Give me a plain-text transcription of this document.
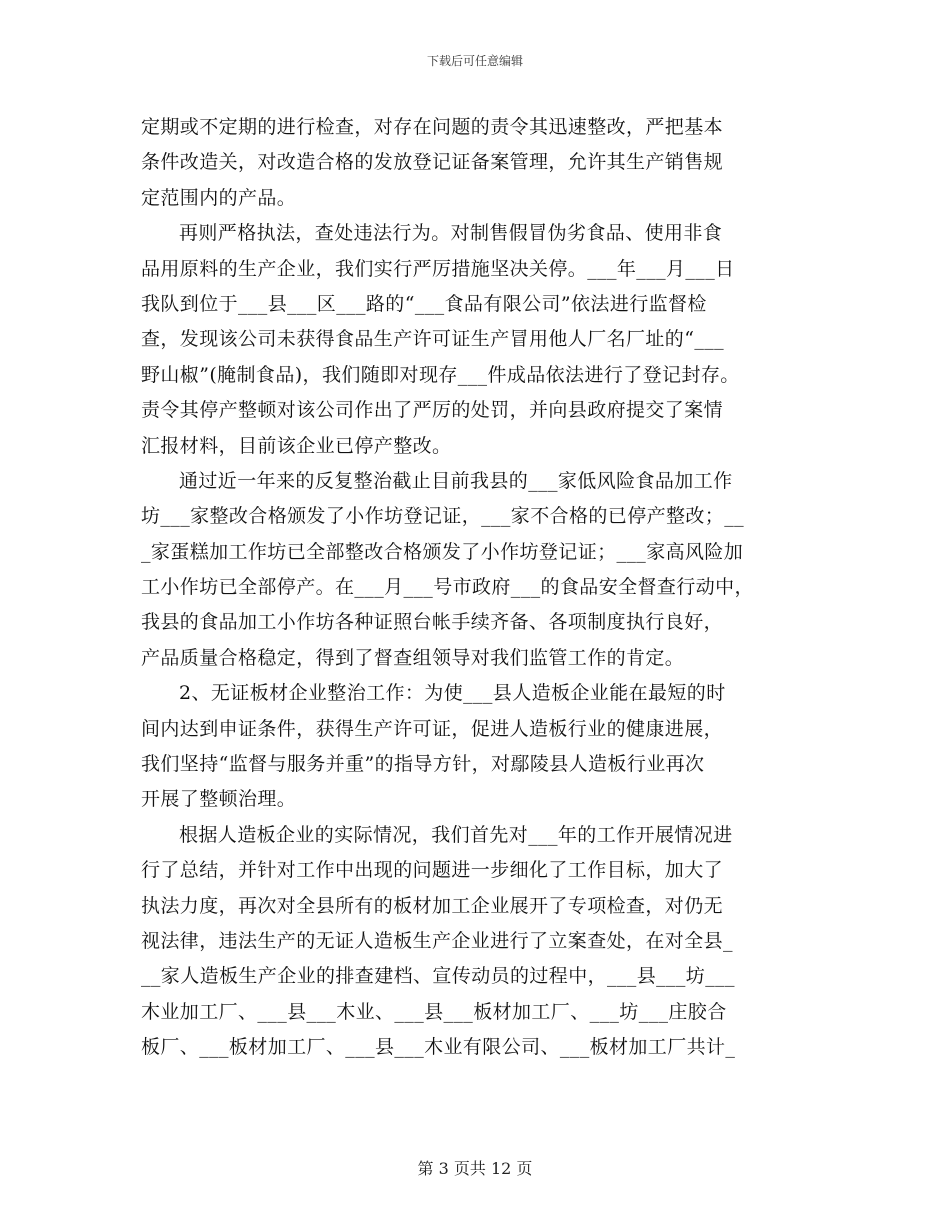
下载后可任意编辑
定期或不定期的进行检查，对存在问题的责令其迅速整改，严把基本
条件改造关，对改造合格的发放登记证备案管理，允许其生产销售规
定范围内的产品。
再则严格执法，查处违法行为。对制售假冒伪劣食品、使用非食
品用原料的生产企业，我们实行严厉措施坚决关停。___年___月___日
我队到位于___县___区___路的“___食品有限公司”依法进行监督检
查，发现该公司未获得食品生产许可证生产冒用他人厂名厂址的“___
野山椒”(腌制食品)，我们随即对现存___件成品依法进行了登记封存。
责令其停产整顿对该公司作出了严厉的处罚，并向县政府提交了案情
汇报材料，目前该企业已停产整改。
通过近一年来的反复整治截止目前我县的___家低风险食品加工作
坊___家整改合格颁发了小作坊登记证，___家不合格的已停产整改；__
_家蛋糕加工作坊已全部整改合格颁发了小作坊登记证；___家高风险加
工小作坊已全部停产。在___月___号市政府___的食品安全督查行动中，
我县的食品加工小作坊各种证照台帐手续齐备、各项制度执行良好，
产品质量合格稳定，得到了督查组领导对我们监管工作的肯定。
2、无证板材企业整治工作：为使___县人造板企业能在最短的时
间内达到申证条件，获得生产许可证，促进人造板行业的健康进展，
我们坚持“监督与服务并重”的指导方针，对鄢陵县人造板行业再次
开展了整顿治理。
根据人造板企业的实际情况，我们首先对___年的工作开展情况进
行了总结，并针对工作中出现的问题进一步细化了工作目标，加大了
执法力度，再次对全县所有的板材加工企业展开了专项检查，对仍无
视法律，违法生产的无证人造板生产企业进行了立案查处，在对全县_
__家人造板生产企业的排查建档、宣传动员的过程中，___县___坊___
木业加工厂、___县___木业、___县___板材加工厂、___坊___庄胶合
板厂、___板材加工厂、___县___木业有限公司、___板材加工厂共计_
第 3 页共 12 页
